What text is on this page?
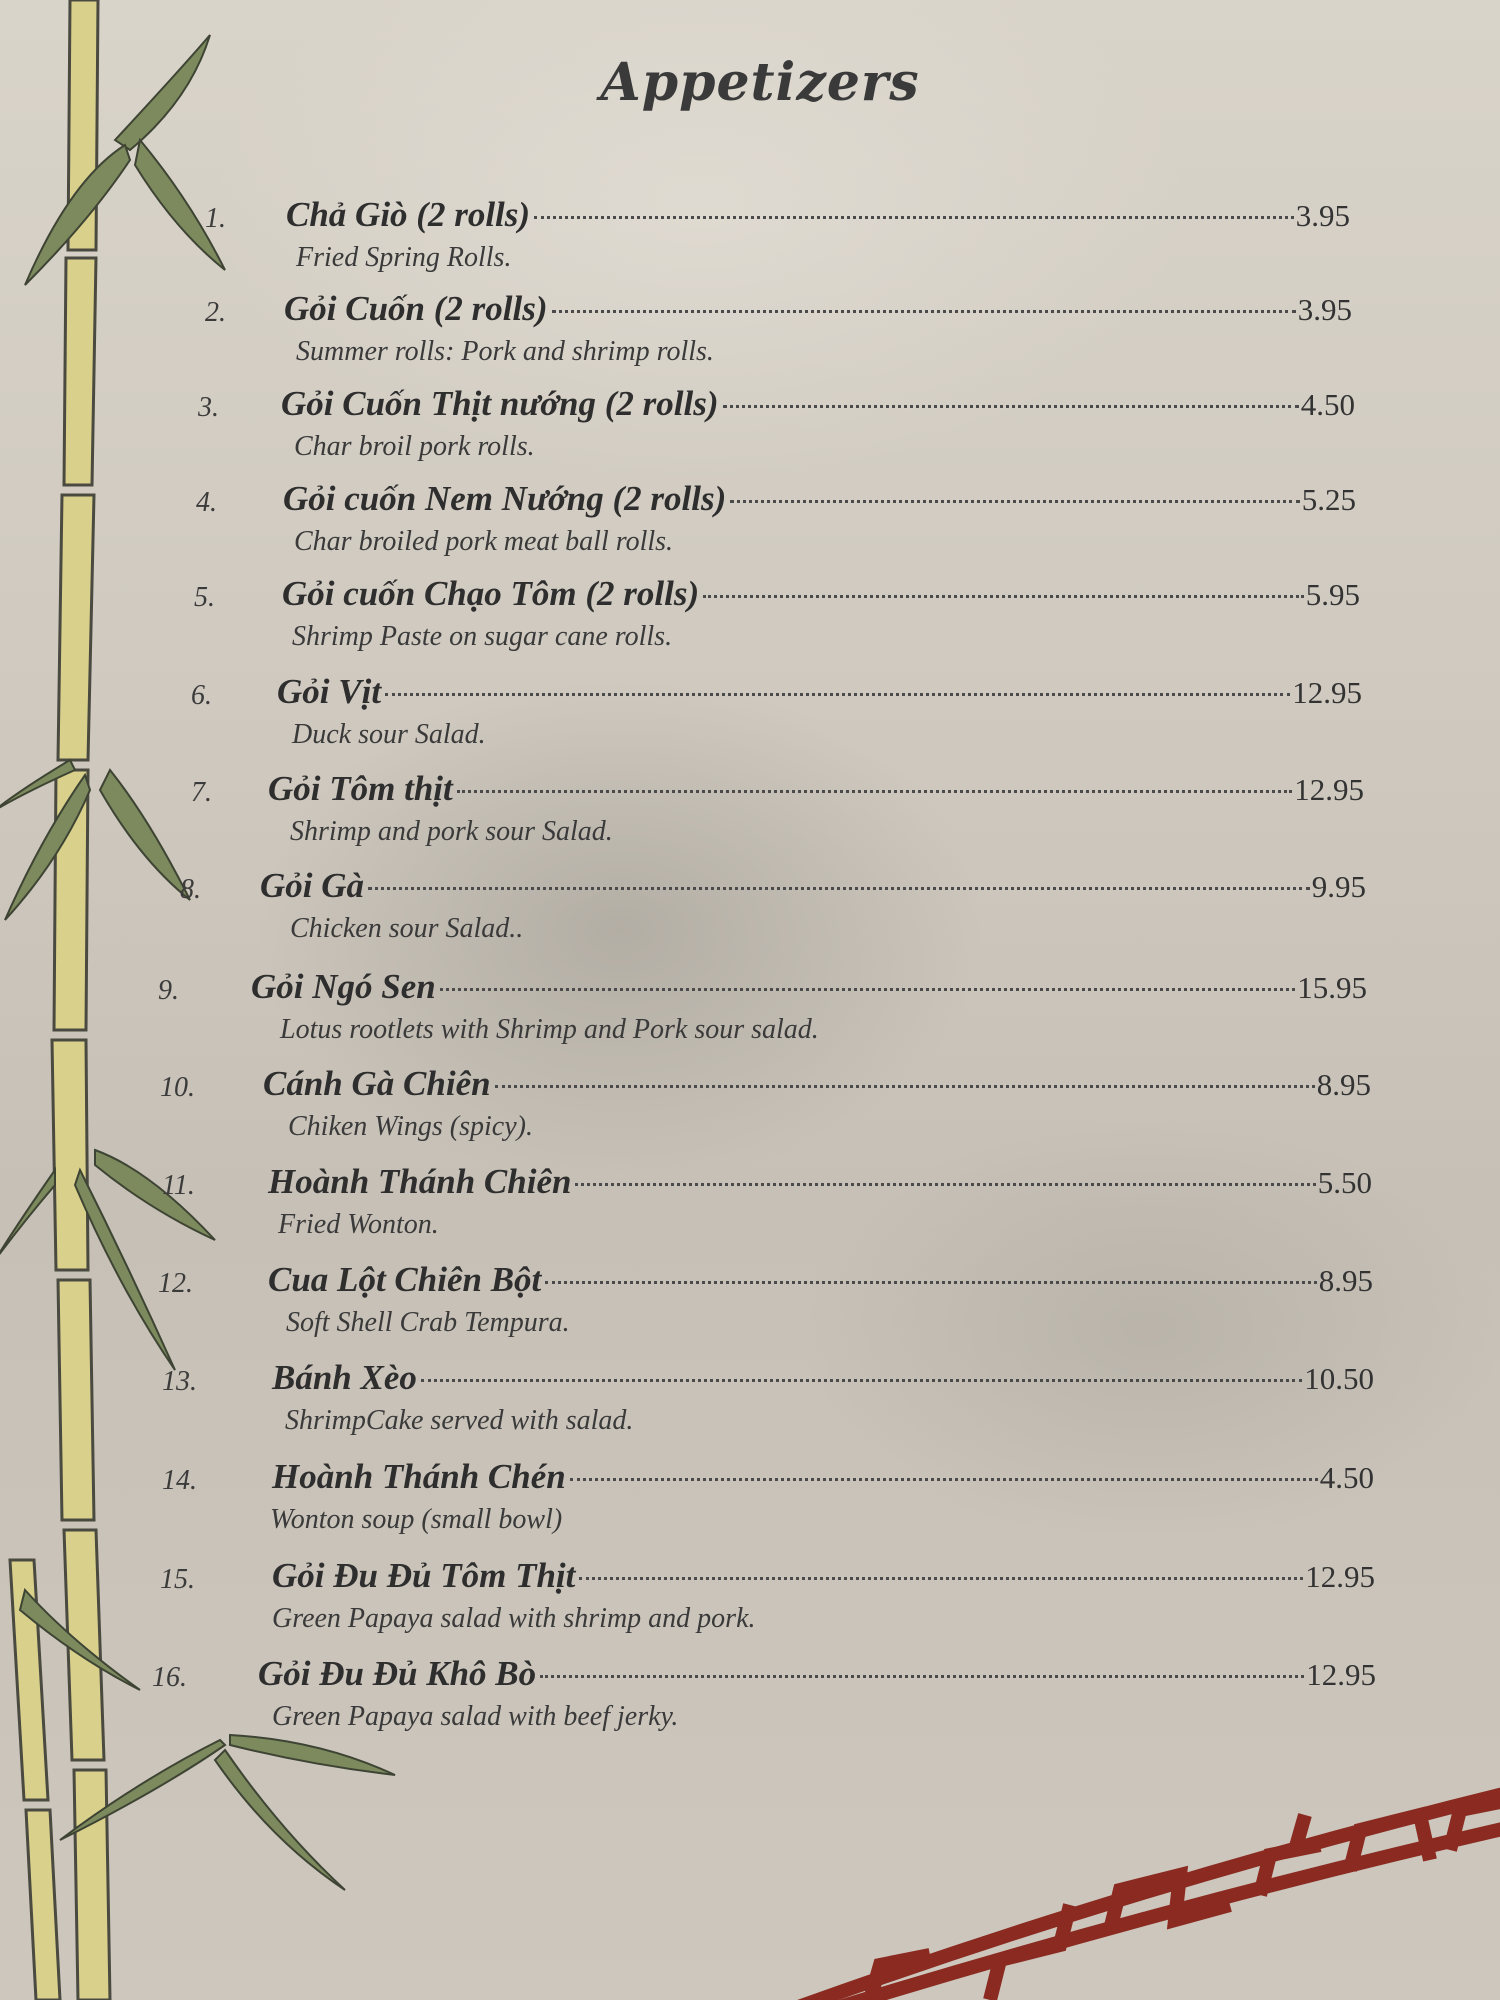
Appetizers
1. Chả Giò (2 rolls)	3.95
Fried Spring Rolls.
2. Gỏi Cuốn (2 rolls)	3.95
Summer rolls: Pork and shrimp rolls.
3. Gỏi Cuốn Thịt nướng (2 rolls)	4.50
Char broil pork rolls.
4. Gỏi cuốn Nem Nướng (2 rolls)	5.25
Char broiled pork meat ball rolls.
5. Gỏi cuốn Chạo Tôm (2 rolls)	5.95
Shrimp Paste on sugar cane rolls.
6. Gỏi Vịt	12.95
Duck sour Salad.
7. Gỏi Tôm thịt	12.95
Shrimp and pork sour Salad.
8. Gỏi Gà	9.95
Chicken sour Salad..
9. Gỏi Ngó Sen	15.95
Lotus rootlets with Shrimp and Pork sour salad.
10. Cánh Gà Chiên	8.95
Chiken Wings (spicy).
11. Hoành Thánh Chiên	5.50
Fried Wonton.
12. Cua Lột Chiên Bột	8.95
Soft Shell Crab Tempura.
13. Bánh Xèo	10.50
ShrimpCake served with salad.
14. Hoành Thánh Chén	4.50
Wonton soup (small bowl)
15. Gỏi Đu Đủ Tôm Thịt	12.95
Green Papaya salad with shrimp and pork.
16. Gỏi Đu Đủ Khô Bò	12.95
Green Papaya salad with beef jerky.
